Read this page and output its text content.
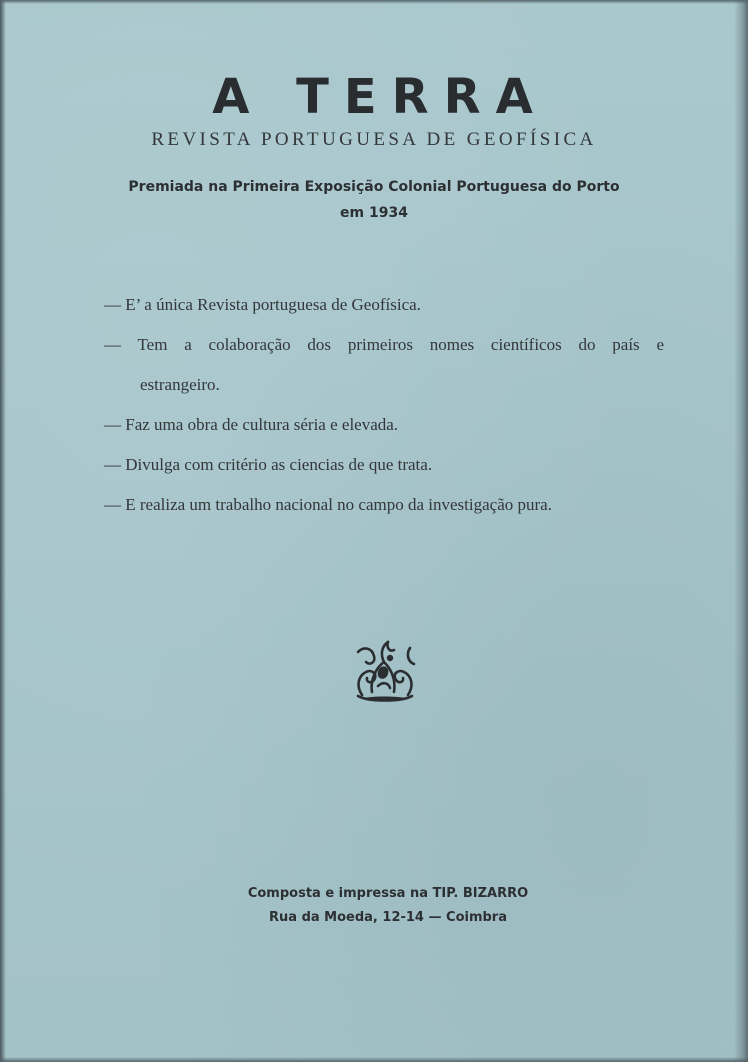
A TERRA
REVISTA PORTUGUESA DE GEOFÍSICA
Premiada na Primeira Exposição Colonial Portuguesa do Porto
em 1934
— E’ a única Revista portuguesa de Geofísica.
— Tem a colaboração dos primeiros nomes científicos do país e
estrangeiro.
— Faz uma obra de cultura séria e elevada.
— Divulga com critério as ciencias de que trata.
— E realiza um trabalho nacional no campo da investigação pura.
Composta e impressa na TIP. BIZARRO
Rua da Moeda, 12-14 — Coimbra
